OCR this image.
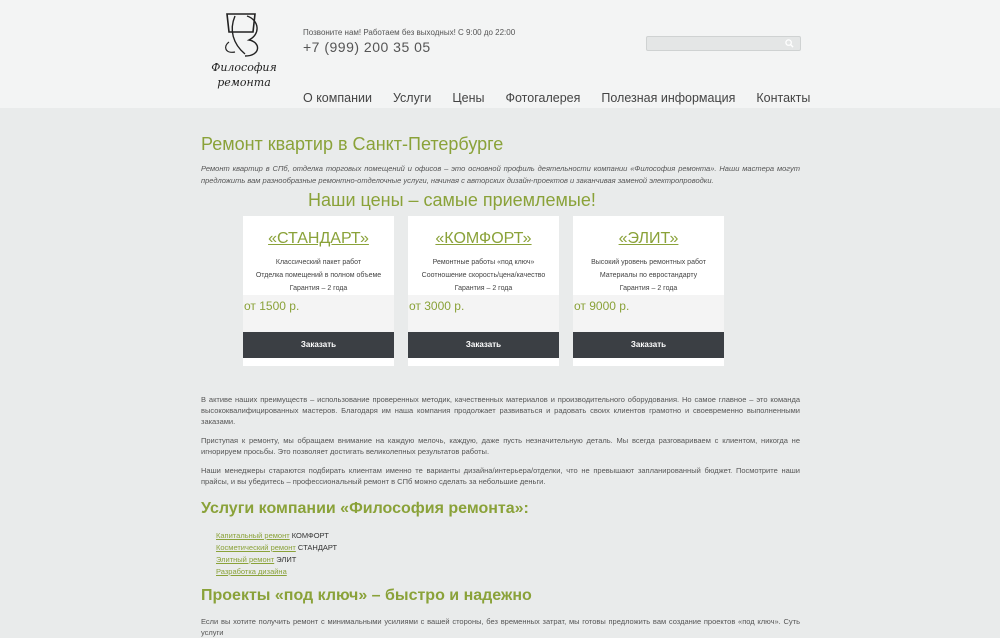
Философия
ремонта
Позвоните нам! Работаем без выходных! С 9:00 до 22:00
+7 (999) 200 35 05
О компании Услуги Цены Фотогалерея Полезная информация Контакты
Ремонт квартир в Санкт-Петербурге

Ремонт квартир в СПб, отделка торговых помещений и офисов – это основной профиль деятельности компании «Философия ремонта». Наши мастера могут предложить вам разнообразные ремонтно-отделочные услуги, начиная с авторских дизайн-проектов и заканчивая заменой электропроводки.

Наши цены – самые приемлемые!
«СТАНДАРТ»
Классический пакет работ
Отделка помещений в полном объеме
Гарантия – 2 года
от 1500 р.
Заказать
«КОМФОРТ»
Ремонтные работы «под ключ»
Соотношение скорость/цена/качество
Гарантия – 2 года
от 3000 р.
Заказать
«ЭЛИТ»
Высокий уровень ремонтных работ
Материалы по евростандарту
Гарантия – 2 года
от 9000 р.
Заказать

В активе наших преимуществ – использование проверенных методик, качественных материалов и производительного оборудования. Но самое главное – это команда высококвалифицированных мастеров. Благодаря им наша компания продолжает развиваться и радовать своих клиентов грамотно и своевременно выполненными заказами.

Приступая к ремонту, мы обращаем внимание на каждую мелочь, каждую, даже пусть незначительную деталь. Мы всегда разговариваем с клиентом, никогда не игнорируем просьбы. Это позволяет достигать великолепных результатов работы.

Наши менеджеры стараются подбирать клиентам именно те варианты дизайна/интерьера/отделки, что не превышают запланированный бюджет. Посмотрите наши прайсы, и вы убедитесь – профессиональный ремонт в СПб можно сделать за небольшие деньги.

Услуги компании «Философия ремонта»:
Капитальный ремонт КОМФОРТ
Косметический ремонт СТАНДАРТ
Элитный ремонт ЭЛИТ
Разработка дизайна
Проекты «под ключ» – быстро и надежно

Если вы хотите получить ремонт с минимальными усилиями с вашей стороны, без временных затрат, мы готовы предложить вам создание проектов «под ключ». Суть услуги
